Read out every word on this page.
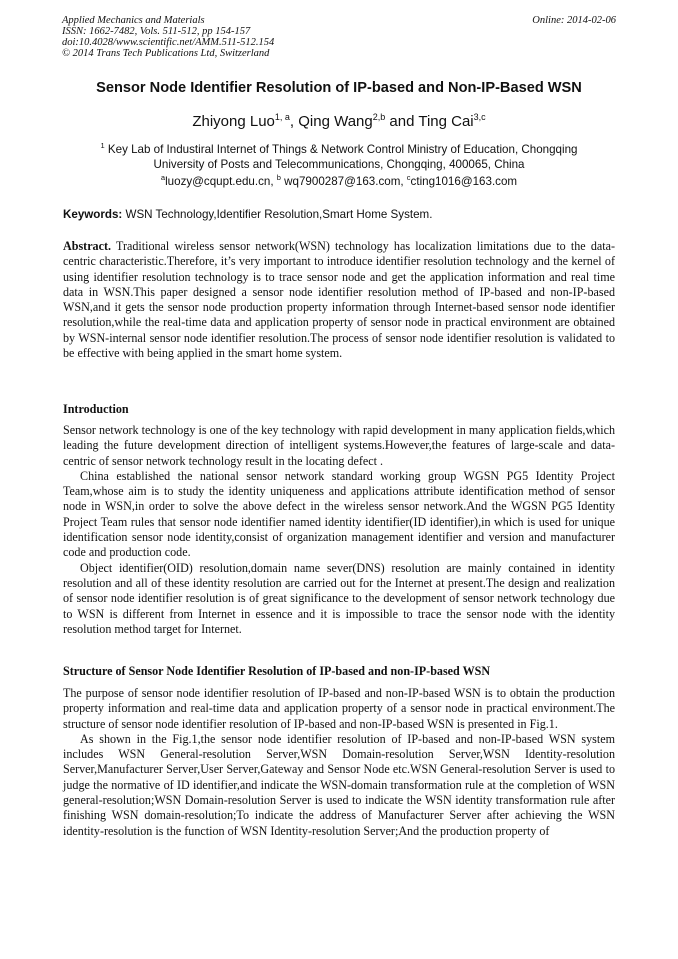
Applied Mechanics and Materials
ISSN: 1662-7482, Vols. 511-512, pp 154-157
doi:10.4028/www.scientific.net/AMM.511-512.154
© 2014 Trans Tech Publications Ltd, Switzerland
Online: 2014-02-06
Sensor Node Identifier Resolution of IP-based and Non-IP-Based WSN
Zhiyong Luo$^{1, a}$, Qing Wang$^{2,b}$ and Ting Cai$^{3,c}$
$^1$ Key Lab of Industiral Internet of Things & Network Control Ministry of Education, Chongqing
University of Posts and Telecommunications, Chongqing, 400065, China
$^a$luozy@cqupt.edu.cn, $^b$ wq7900287@163.com, $^c$cting1016@163.com
Keywords: WSN Technology,Identifier Resolution,Smart Home System.

Abstract. Traditional wireless sensor network(WSN) technology has localization limitations due to the data-centric characteristic.Therefore, it’s very important to introduce identifier resolution technology and the kernel of using identifier resolution technology is to trace sensor node and get the application information and real time data in WSN.This paper designed a sensor node identifier resolution method of IP-based and non-IP-based WSN,and it gets the sensor node production property information through Internet-based sensor node identifier resolution,while the real-time data and application property of sensor node in practical environment are obtained by WSN-internal sensor node identifier resolution.The process of sensor node identifier resolution is validated to be effective with being applied in the smart home system.

Introduction

Sensor network technology is one of the key technology with rapid development in many application fields,which leading the future development direction of intelligent systems.However,the features of large-scale and data-centric of sensor network technology result in the locating defect .

China established the national sensor network standard working group WGSN PG5 Identity Project Team,whose aim is to study the identity uniqueness and applications attribute identification method of sensor node in WSN,in order to solve the above defect in the wireless sensor network.And the WGSN PG5 Identity Project Team rules that sensor node identifier named identity identifier(ID identifier),in which is used for unique identification sensor node identity,consist of organization management identifier and version and manufacturer code and production code.

Object identifier(OID) resolution,domain name sever(DNS) resolution are mainly contained in identity resolution and all of these identity resolution are carried out for the Internet at present.The design and realization of sensor node identifier resolution is of great significance to the development of sensor network technology due to WSN is different from Internet in essence and it is impossible to trace the sensor node with the identity resolution method target for Internet.

Structure of Sensor Node Identifier Resolution of IP-based and non-IP-based WSN

The purpose of sensor node identifier resolution of IP-based and non-IP-based WSN is to obtain the production property information and real-time data and application property of a sensor node in practical environment.The structure of sensor node identifier resolution of IP-based and non-IP-based WSN is presented in Fig.1.

As shown in the Fig.1,the sensor node identifier resolution of IP-based and non-IP-based WSN system includes WSN General-resolution Server,WSN Domain-resolution Server,WSN Identity-resolution Server,Manufacturer Server,User Server,Gateway and Sensor Node etc.WSN General-resolution Server is used to judge the normative of ID identifier,and indicate the WSN-domain transformation rule at the completion of WSN general-resolution;WSN Domain-resolution Server is used to indicate the WSN identity transformation rule after finishing WSN domain-resolution;To indicate the address of Manufacturer Server after achieving the WSN identity-resolution is the function of WSN Identity-resolution Server;And the production property of
